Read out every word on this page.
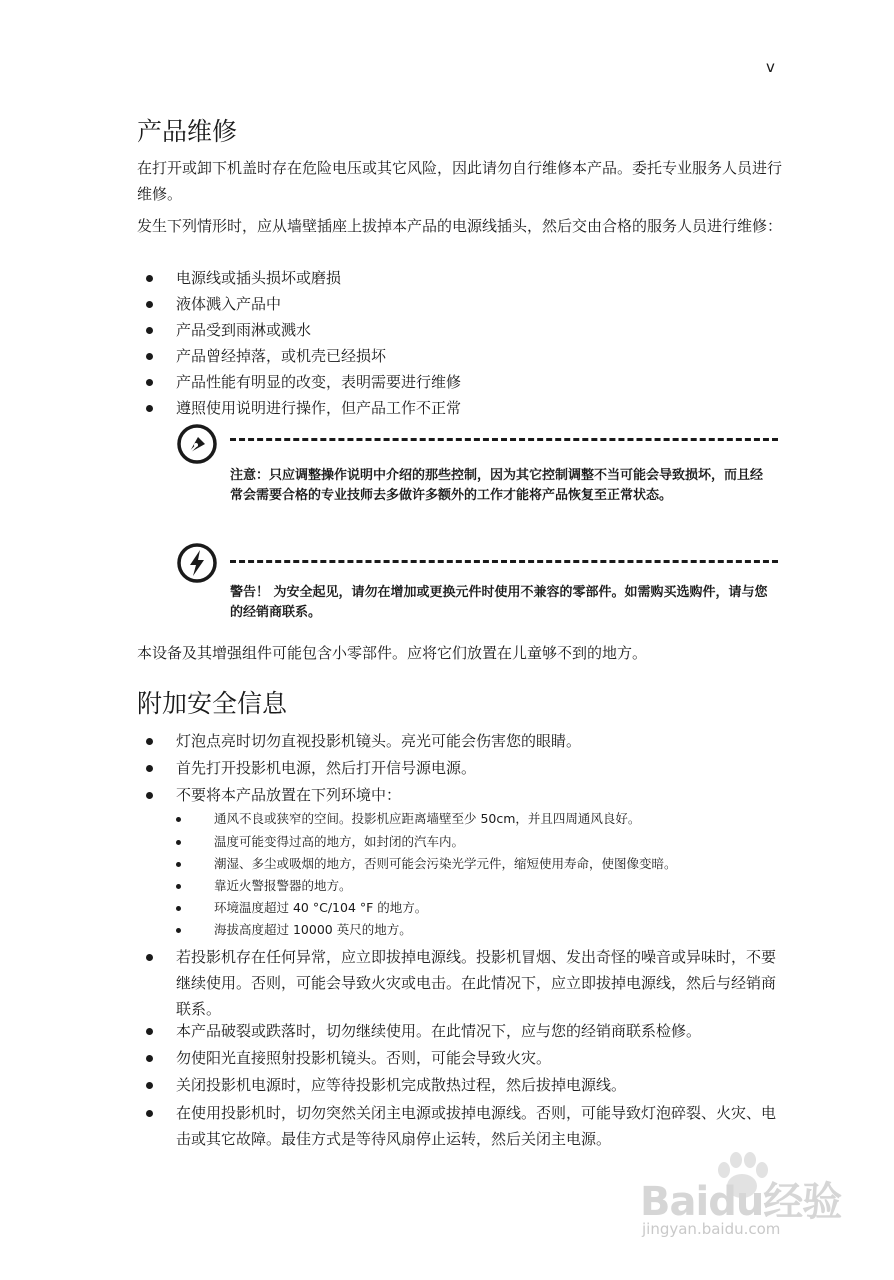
v
产品维修

在打开或卸下机盖时存在危险电压或其它风险，因此请勿自行维修本产品。委托专业服务人员进行维修。

发生下列情形时，应从墙壁插座上拔掉本产品的电源线插头，然后交由合格的服务人员进行维修：

电源线或插头损坏或磨损
液体溅入产品中
产品受到雨淋或溅水
产品曾经掉落，或机壳已经损坏
产品性能有明显的改变，表明需要进行维修
遵照使用说明进行操作，但产品工作不正常
注意：只应调整操作说明中介绍的那些控制，因为其它控制调整不当可能会导致损坏，而且经常会需要合格的专业技师去多做许多额外的工作才能将产品恢复至正常状态。
警告！ 为安全起见，请勿在增加或更换元件时使用不兼容的零部件。如需购买选购件，请与您的经销商联系。

本设备及其增强组件可能包含小零部件。应将它们放置在儿童够不到的地方。

附加安全信息
灯泡点亮时切勿直视投影机镜头。亮光可能会伤害您的眼睛。
首先打开投影机电源，然后打开信号源电源。
不要将本产品放置在下列环境中：
通风不良或狭窄的空间。投影机应距离墙壁至少 50cm，并且四周通风良好。
温度可能变得过高的地方，如封闭的汽车内。
潮湿、多尘或吸烟的地方，否则可能会污染光学元件，缩短使用寿命，使图像变暗。
靠近火警报警器的地方。
环境温度超过 40 °C/104 °F 的地方。
海拔高度超过 10000 英尺的地方。
若投影机存在任何异常，应立即拔掉电源线。投影机冒烟、发出奇怪的噪音或异味时，不要继续使用。否则，可能会导致火灾或电击。在此情况下，应立即拔掉电源线，然后与经销商联系。
本产品破裂或跌落时，切勿继续使用。在此情况下，应与您的经销商联系检修。
勿使阳光直接照射投影机镜头。否则，可能会导致火灾。
关闭投影机电源时，应等待投影机完成散热过程，然后拔掉电源线。
在使用投影机时，切勿突然关闭主电源或拔掉电源线。否则，可能导致灯泡碎裂、火灾、电击或其它故障。最佳方式是等待风扇停止运转，然后关闭主电源。
Baidu经验
jingyan.baidu.com
